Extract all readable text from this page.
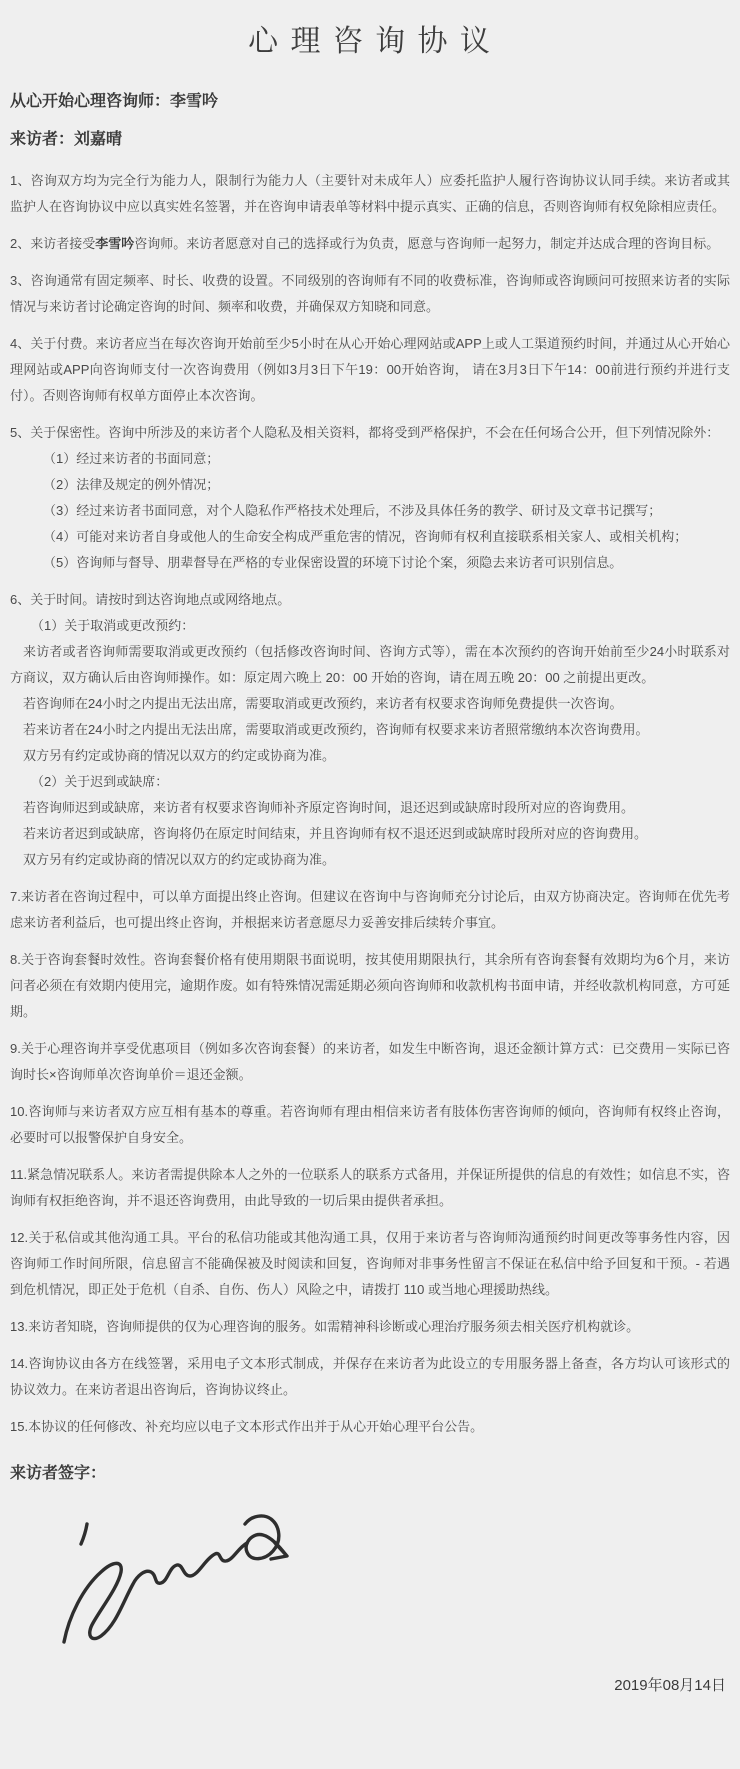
心 理 咨 询 协 议
从心开始心理咨询师：李雪吟
来访者：刘嘉晴

1、咨询双方均为完全行为能力人，限制行为能力人（主要针对未成年人）应委托监护人履行咨询协议认同手续。来访者或其监护人在咨询协议中应以真实姓名签署，并在咨询申请表单等材料中提示真实、正确的信息，否则咨询师有权免除相应责任。

2、来访者接受李雪吟咨询师。来访者愿意对自己的选择或行为负责，愿意与咨询师一起努力，制定并达成合理的咨询目标。

3、咨询通常有固定频率、时长、收费的设置。不同级别的咨询师有不同的收费标准，咨询师或咨询顾问可按照来访者的实际情况与来访者讨论确定咨询的时间、频率和收费，并确保双方知晓和同意。

4、关于付费。来访者应当在每次咨询开始前至少5小时在从心开始心理网站或APP上或人工渠道预约时间，并通过从心开始心理网站或APP向咨询师支付一次咨询费用（例如3月3日下午19：00开始咨询， 请在3月3日下午14：00前进行预约并进行支付）。否则咨询师有权单方面停止本次咨询。

5、关于保密性。咨询中所涉及的来访者个人隐私及相关资料，都将受到严格保护，不会在任何场合公开，但下列情况除外：

（1）经过来访者的书面同意；
（2）法律及规定的例外情况；
（3）经过来访者书面同意，对个人隐私作严格技术处理后，不涉及具体任务的教学、研讨及文章书记撰写；
（4）可能对来访者自身或他人的生命安全构成严重危害的情况，咨询师有权利直接联系相关家人、或相关机构；
（5）咨询师与督导、朋辈督导在严格的专业保密设置的环境下讨论个案，须隐去来访者可识别信息。

6、关于时间。请按时到达咨询地点或网络地点。

（1）关于取消或更改预约：
来访者或者咨询师需要取消或更改预约（包括修改咨询时间、咨询方式等），需在本次预约的咨询开始前至少24小时联系对方商议，双方确认后由咨询师操作。如：原定周六晚上 20：00 开始的咨询，请在周五晚 20：00 之前提出更改。
若咨询师在24小时之内提出无法出席，需要取消或更改预约，来访者有权要求咨询师免费提供一次咨询。
若来访者在24小时之内提出无法出席，需要取消或更改预约，咨询师有权要求来访者照常缴纳本次咨询费用。
双方另有约定或协商的情况以双方的约定或协商为准。
（2）关于迟到或缺席：
若咨询师迟到或缺席，来访者有权要求咨询师补齐原定咨询时间，退还迟到或缺席时段所对应的咨询费用。
若来访者迟到或缺席，咨询将仍在原定时间结束，并且咨询师有权不退还迟到或缺席时段所对应的咨询费用。
双方另有约定或协商的情况以双方的约定或协商为准。

7.来访者在咨询过程中，可以单方面提出终止咨询。但建议在咨询中与咨询师充分讨论后，由双方协商决定。咨询师在优先考虑来访者利益后，也可提出终止咨询，并根据来访者意愿尽力妥善安排后续转介事宜。

8.关于咨询套餐时效性。咨询套餐价格有使用期限书面说明，按其使用期限执行，其余所有咨询套餐有效期均为6个月，来访问者必须在有效期内使用完，逾期作废。如有特殊情况需延期必须向咨询师和收款机构书面申请，并经收款机构同意，方可延期。

9.关于心理咨询并享受优惠项目（例如多次咨询套餐）的来访者，如发生中断咨询，退还金额计算方式：已交费用－实际已咨询时长×咨询师单次咨询单价＝退还金额。

10.咨询师与来访者双方应互相有基本的尊重。若咨询师有理由相信来访者有肢体伤害咨询师的倾向，咨询师有权终止咨询， 必要时可以报警保护自身安全。

11.紧急情况联系人。来访者需提供除本人之外的一位联系人的联系方式备用，并保证所提供的信息的有效性；如信息不实，咨询师有权拒绝咨询，并不退还咨询费用，由此导致的一切后果由提供者承担。

12.关于私信或其他沟通工具。平台的私信功能或其他沟通工具，仅用于来访者与咨询师沟通预约时间更改等事务性内容，因咨询师工作时间所限，信息留言不能确保被及时阅读和回复，咨询师对非事务性留言不保证在私信中给予回复和干预。- 若遇到危机情况，即正处于危机（自杀、自伤、伤人）风险之中，请拨打 110 或当地心理援助热线。

13.来访者知晓，咨询师提供的仅为心理咨询的服务。如需精神科诊断或心理治疗服务须去相关医疗机构就诊。

14.咨询协议由各方在线签署，采用电子文本形式制成，并保存在来访者为此设立的专用服务器上备查，各方均认可该形式的协议效力。在来访者退出咨询后，咨询协议终止。

15.本协议的任何修改、补充均应以电子文本形式作出并于从心开始心理平台公告。

来访者签字：
2019年08月14日
